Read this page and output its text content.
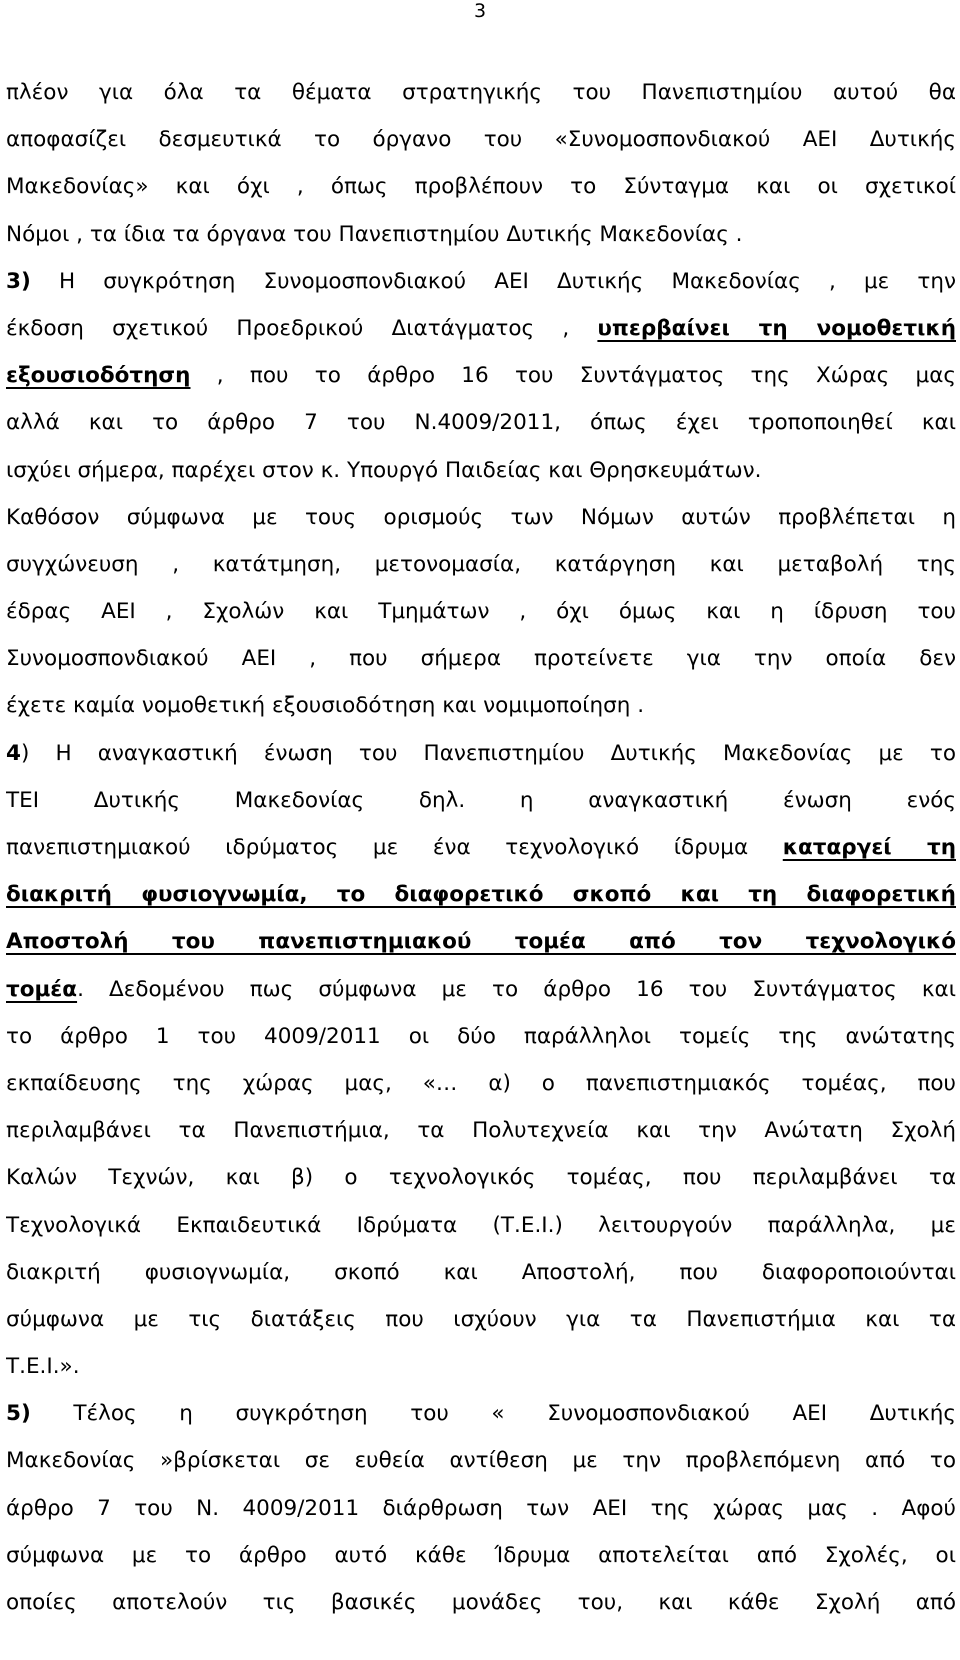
3
πλέον για όλα τα θέματα στρατηγικής του Πανεπιστημίου αυτού θα
αποφασίζει δεσμευτικά το όργανο του «Συνομοσπονδιακού ΑΕΙ Δυτικής
Μακεδονίας» και όχι , όπως προβλέπουν το Σύνταγμα και οι σχετικοί
Νόμοι , τα ίδια τα όργανα του Πανεπιστημίου Δυτικής Μακεδονίας .
3) Η συγκρότηση Συνομοσπονδιακού ΑΕΙ Δυτικής Μακεδονίας , με την
έκδοση σχετικού Προεδρικού Διατάγματος , υπερβαίνει τη νομοθετική
εξουσιοδότηση , που το άρθρο 16 του Συντάγματος της Χώρας μας
αλλά και το άρθρο 7 του Ν.4009/2011, όπως έχει τροποποιηθεί και
ισχύει σήμερα, παρέχει στον κ. Υπουργό Παιδείας και Θρησκευμάτων.
Καθόσον σύμφωνα με τους ορισμούς των Νόμων αυτών προβλέπεται η
συγχώνευση , κατάτμηση, μετονομασία, κατάργηση και μεταβολή της
έδρας ΑΕΙ , Σχολών και Τμημάτων , όχι όμως και η ίδρυση του
Συνομοσπονδιακού ΑΕΙ , που σήμερα προτείνετε για την οποία δεν
έχετε καμία νομοθετική εξουσιοδότηση και νομιμοποίηση .
4) Η αναγκαστική ένωση του Πανεπιστημίου Δυτικής Μακεδονίας με το
ΤΕΙ Δυτικής Μακεδονίας δηλ. η αναγκαστική ένωση ενός
πανεπιστημιακού ιδρύματος με ένα τεχνολογικό ίδρυμα καταργεί τη
διακριτή φυσιογνωμία, το διαφορετικό σκοπό και τη διαφορετική
Αποστολή του πανεπιστημιακού τομέα από τον τεχνολογικό
τομέα. Δεδομένου πως σύμφωνα με το άρθρο 16 του Συντάγματος και
το άρθρο 1 του 4009/2011 οι δύο παράλληλοι τομείς της ανώτατης
εκπαίδευσης της χώρας μας, «… α) ο πανεπιστημιακός τομέας, που
περιλαμβάνει τα Πανεπιστήμια, τα Πολυτεχνεία και την Ανώτατη Σχολή
Καλών Τεχνών, και β) ο τεχνολογικός τομέας, που περιλαμβάνει τα
Τεχνολογικά Εκπαιδευτικά Ιδρύματα (Τ.Ε.Ι.) λειτουργούν παράλληλα, με
διακριτή φυσιογνωμία, σκοπό και Αποστολή, που διαφοροποιούνται
σύμφωνα με τις διατάξεις που ισχύουν για τα Πανεπιστήμια και τα
Τ.Ε.Ι.».
5) Τέλος η συγκρότηση του « Συνομοσπονδιακού ΑΕΙ Δυτικής
Μακεδονίας »βρίσκεται σε ευθεία αντίθεση με την προβλεπόμενη από το
άρθρο 7 του Ν. 4009/2011 διάρθρωση των ΑΕΙ της χώρας μας . Αφού
σύμφωνα με το άρθρο αυτό κάθε Ίδρυμα αποτελείται από Σχολές, οι
οποίες αποτελούν τις βασικές μονάδες του, και κάθε Σχολή από
